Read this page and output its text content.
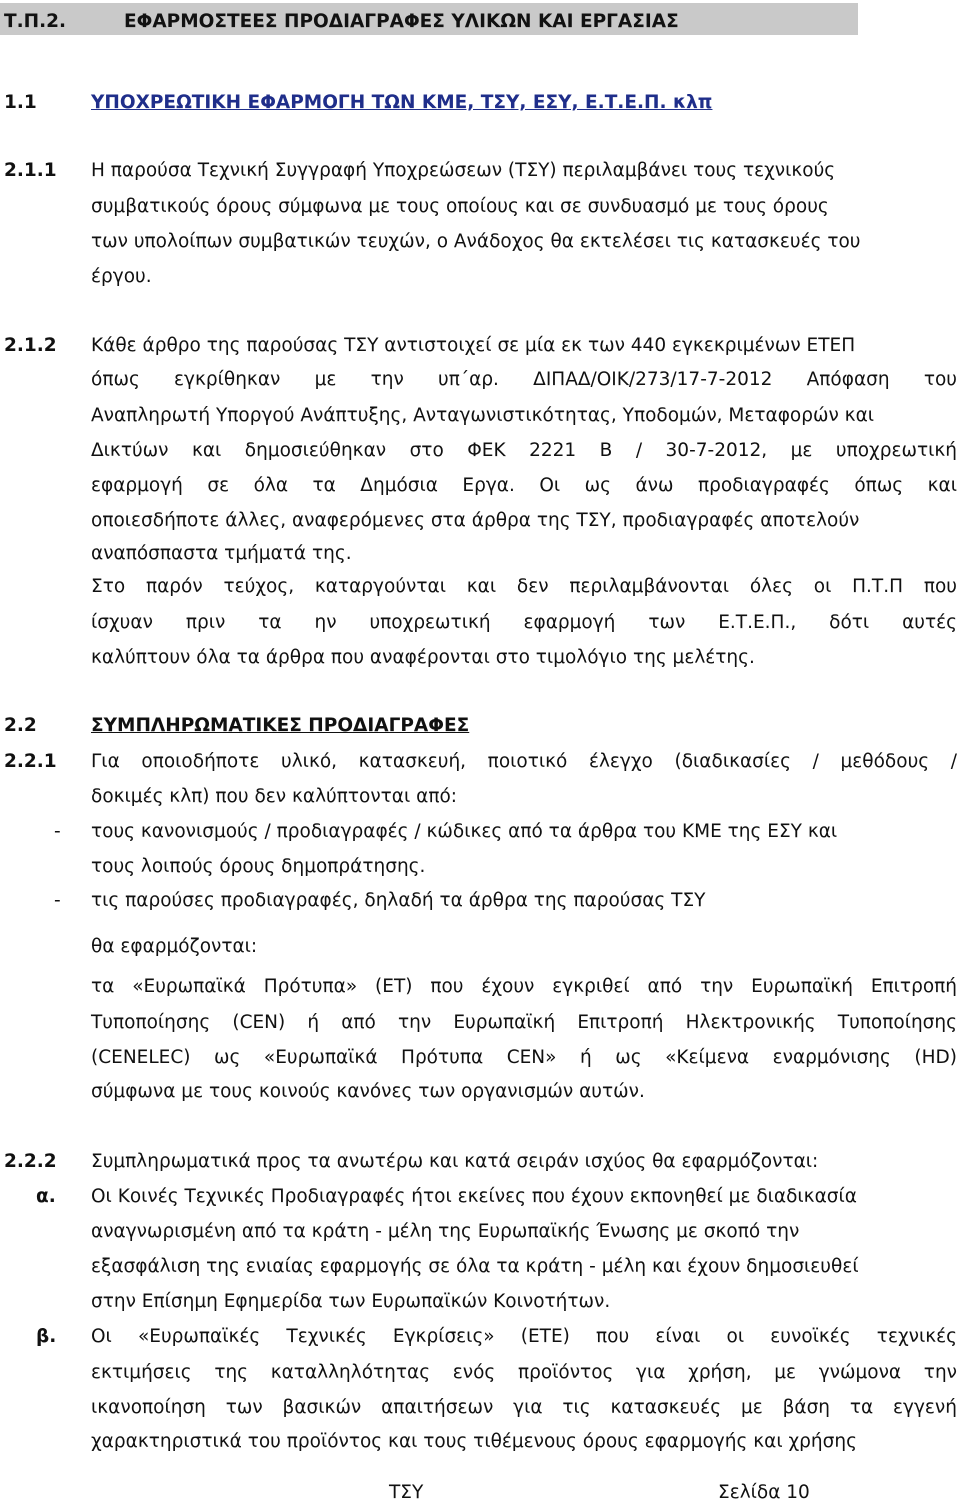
Τ.Π.2.	ΕΦΑΡΜΟΣΤΕΕΣ ΠΡΟΔΙΑΓΡΑΦΕΣ ΥΛΙΚΩΝ ΚΑΙ ΕΡΓΑΣΙΑΣ
1.1	ΥΠΟΧΡΕΩΤΙΚΗ ΕΦΑΡΜΟΓΗ ΤΩΝ ΚΜΕ, ΤΣΥ, ΕΣΥ, Ε.Τ.Ε.Π. κλπ
2.1.1 Η παρούσα Τεχνική Συγγραφή Υποχρεώσεων (ΤΣΥ) περιλαμβάνει τους τεχνικούς
συμβατικούς όρους σύμφωνα με τους οποίους και σε συνδυασμό με τους όρους
των υπολοίπων συμβατικών τευχών, ο Ανάδοχος θα εκτελέσει τις κατασκευές του
έργου.
2.1.2 Κάθε άρθρο της παρούσας ΤΣΥ αντιστοιχεί σε μία εκ των 440 εγκεκριμένων ΕΤΕΠ
όπως εγκρίθηκαν με την υπ΄αρ. ΔΙΠΑΔ/ΟΙΚ/273/17-7-2012 Απόφαση του
Αναπληρωτή Υποργού Ανάπτυξης, Ανταγωνιστικότητας, Υποδομών, Μεταφορών και
Δικτύων και δημοσιεύθηκαν στο ΦΕΚ 2221 Β / 30-7-2012, με υποχρεωτική
εφαρμογή σε όλα τα Δημόσια Εργα. Οι ως άνω προδιαγραφές όπως και
οποιεσδήποτε άλλες, αναφερόμενες στα άρθρα της ΤΣΥ, προδιαγραφές αποτελούν
αναπόσπαστα τμήματά της.
Στο παρόν τεύχος, καταργούνται και δεν περιλαμβάνονται όλες οι Π.Τ.Π που
ίσχυαν πριν τα ην υποχρεωτική εφαρμογή των Ε.Τ.Ε.Π., δότι αυτές
καλύπτουν όλα τα άρθρα που αναφέρονται στο τιμολόγιο της μελέτης.
2.2	ΣΥΜΠΛΗΡΩΜΑΤΙΚΕΣ ΠΡΟΔΙΑΓΡΑΦΕΣ
2.2.1 Για οποιοδήποτε υλικό, κατασκευή, ποιοτικό έλεγχο (διαδικασίες / μεθόδους /
δοκιμές κλπ) που δεν καλύπτονται από:
- τους κανονισμούς / προδιαγραφές / κώδικες από τα άρθρα του ΚΜΕ της ΕΣΥ και
τους λοιπούς όρους δημοπράτησης.
- τις παρούσες προδιαγραφές, δηλαδή τα άρθρα της παρούσας ΤΣΥ
θα εφαρμόζονται:
τα «Ευρωπαϊκά Πρότυπα» (ΕΤ) που έχουν εγκριθεί από την Ευρωπαϊκή Επιτροπή
Τυποποίησης (CEN) ή από την Ευρωπαϊκή Επιτροπή Ηλεκτρονικής Τυποποίησης
(CENELEC) ως «Ευρωπαϊκά Πρότυπα CEN» ή ως «Κείμενα εναρμόνισης (HD)
σύμφωνα με τους κοινούς κανόνες των οργανισμών αυτών.
2.2.2 Συμπληρωματικά προς τα ανωτέρω και κατά σειράν ισχύος θα εφαρμόζονται:
α. Οι Κοινές Τεχνικές Προδιαγραφές ήτοι εκείνες που έχουν εκπονηθεί με διαδικασία
αναγνωρισμένη από τα κράτη - μέλη της Ευρωπαϊκής Ένωσης με σκοπό την
εξασφάλιση της ενιαίας εφαρμογής σε όλα τα κράτη - μέλη και έχουν δημοσιευθεί
στην Επίσημη Εφημερίδα των Ευρωπαϊκών Κοινοτήτων.
β. Οι «Ευρωπαϊκές Τεχνικές Εγκρίσεις» (ΕΤΕ) που είναι οι ευνοϊκές τεχνικές
εκτιμήσεις της καταλληλότητας ενός προϊόντος για χρήση, με γνώμονα την
ικανοποίηση των βασικών απαιτήσεων για τις κατασκευές με βάση τα εγγενή
χαρακτηριστικά του προϊόντος και τους τιθέμενους όρους εφαρμογής και χρήσης
ΤΣΥ	Σελίδα 10
